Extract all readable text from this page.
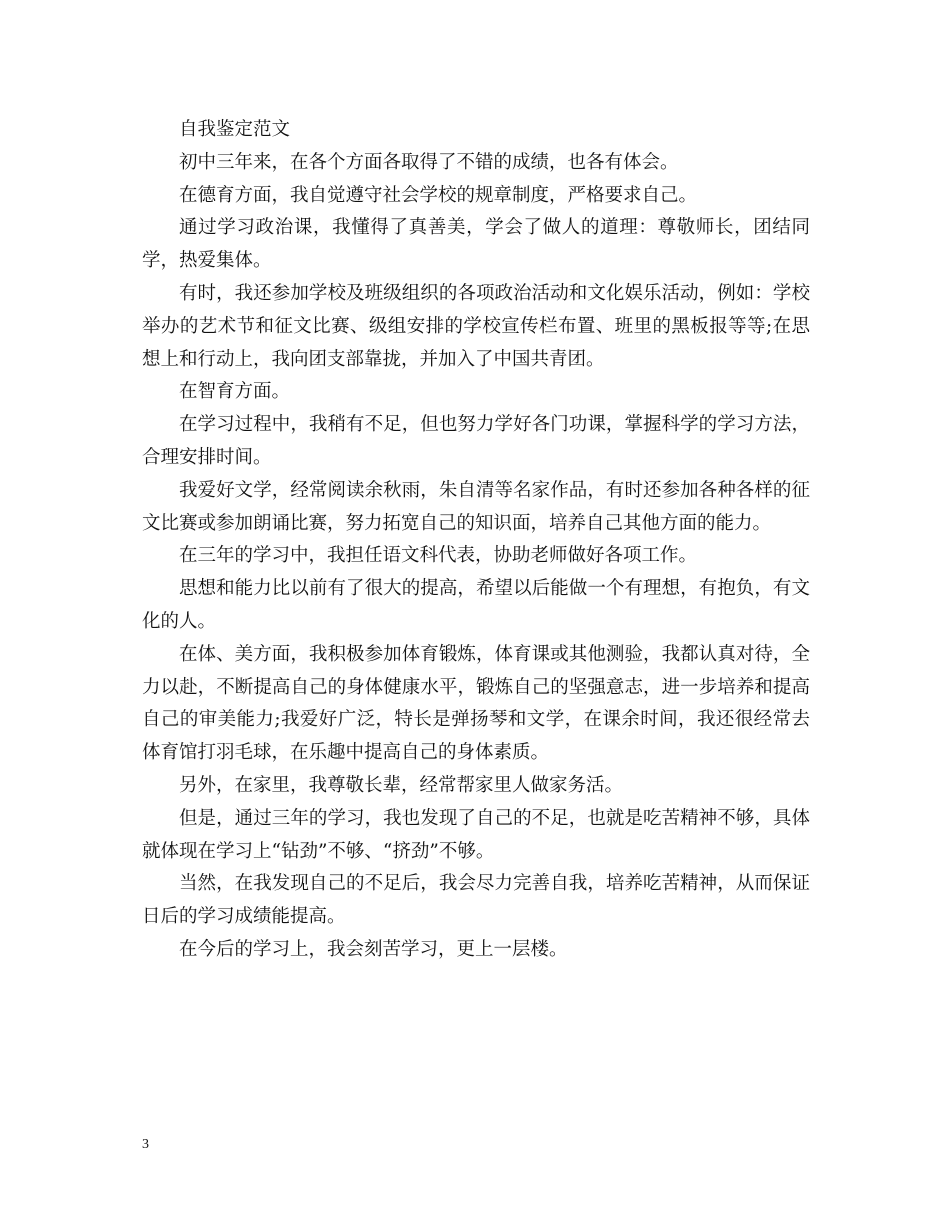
自我鉴定范文

初中三年来，在各个方面各取得了不错的成绩，也各有体会。

在德育方面，我自觉遵守社会学校的规章制度，严格要求自己。

通过学习政治课，我懂得了真善美，学会了做人的道理：尊敬师长，团结同学，热爱集体。

有时，我还参加学校及班级组织的各项政治活动和文化娱乐活动，例如：学校举办的艺术节和征文比赛、级组安排的学校宣传栏布置、班里的黑板报等等;在思想上和行动上，我向团支部靠拢，并加入了中国共青团。

在智育方面。

在学习过程中，我稍有不足，但也努力学好各门功课，掌握科学的学习方法，合理安排时间。

我爱好文学，经常阅读余秋雨，朱自清等名家作品，有时还参加各种各样的征文比赛或参加朗诵比赛，努力拓宽自己的知识面，培养自己其他方面的能力。

在三年的学习中，我担任语文科代表，协助老师做好各项工作。

思想和能力比以前有了很大的提高，希望以后能做一个有理想，有抱负，有文化的人。

在体、美方面，我积极参加体育锻炼，体育课或其他测验，我都认真对待，全力以赴，不断提高自己的身体健康水平，锻炼自己的坚强意志，进一步培养和提高自己的审美能力;我爱好广泛，特长是弹扬琴和文学，在课余时间，我还很经常去体育馆打羽毛球，在乐趣中提高自己的身体素质。

另外，在家里，我尊敬长辈，经常帮家里人做家务活。

但是，通过三年的学习，我也发现了自己的不足，也就是吃苦精神不够，具体就体现在学习上“钻劲”不够、“挤劲”不够。

当然，在我发现自己的不足后，我会尽力完善自我，培养吃苦精神，从而保证日后的学习成绩能提高。

在今后的学习上，我会刻苦学习，更上一层楼。

3
